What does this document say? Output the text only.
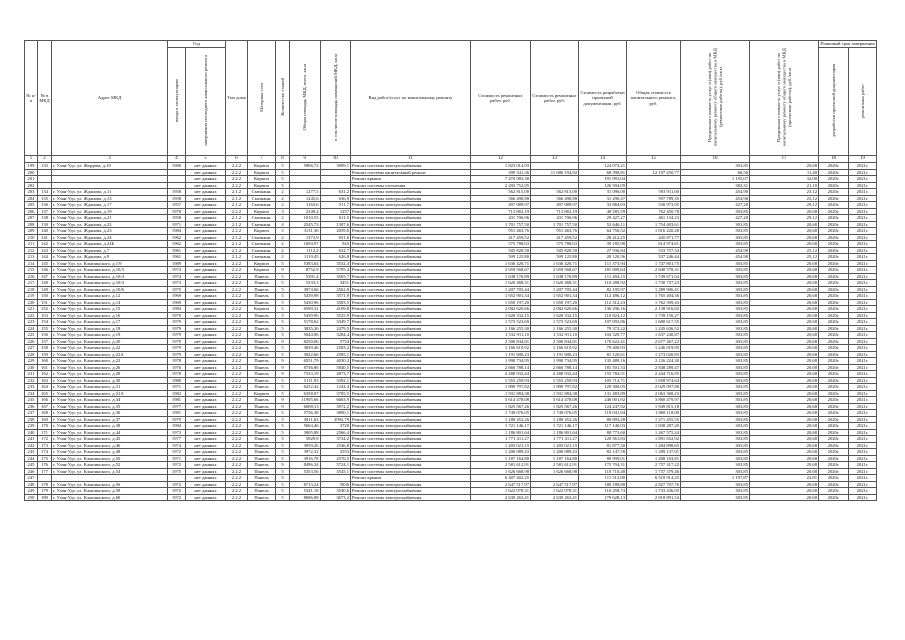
№ п/п	№ в МКД	Адрес МКД	Год		Тип дома	Материал стен	Количество этажей	Общая площадь МКД, всего, кв.м	в том числе площадь помещений МКД, кв.м	Вид работ/услуг по капитальному ремонту	Стоимость ремонтных работ, руб.	Стоимость ремонтных работ, руб.	Стоимость разработки проектной документации, руб.	Общая стоимость капитального ремонта, руб.	Предельная стоимость услуг и (или) работ по капитальному ремонту общего имущества в МКД (ремонтные работы), руб./кв.м	Предельная стоимость услуг и (или) работ по капитальному ремонту общего имущества в МКД (проектные работы), руб./кв.м	Плановый срок завершения	
			ввода в эксплуатацию	завершения последнего капитального ремонта													разработки проектной документации	ремонтных работ
1	2	3	4	5	6	7	8	9	10	11	12	13	14	15	16	17	18	19
199	133	г. Улан-Удэ, ул. Жердева, д.10	1980	нет данных	2.2.2	Кирпич	5	5966,72	3909,1	Ремонт системы электроснабжения	1 823 014,93		124 074,21		303,85	20,68	2020г.	2021г.
200				нет данных	2.2.2	Кирпич	5			Ремонт системы капитальный ремонт	399 341,36	11 686 194,92	68 398,81	12 197 250,77	66,56	11,40	2020г.	2021г.
201				нет данных	2.2.2	Кирпич	5			Ремонт крыши	7 470 083,38		191 991,04		1 195,07	32,00	2020г.	2021г.
202				нет данных	2.2.2	Кирпич	5			Ремонт системы отопления	2 293 752,95		126 594,09		382,31	21,10	2020г.	2021г.
203	134	г. Улан-Удэ, ул. Жданова, д.11	1958	нет данных	2.1.2	Смешанн.	2	1277,5	631,2	Ремонт системы электроснабжения	562 815,00	562 815,00	31 096,00	593 911,00	454,90	25,12	2020г.	2021г.
204	135	г. Улан-Удэ, ул. Жданова, д.13	1958	нет данных	2.1.2	Смешанн.	2	1245,6	636,9	Ремонт системы электроснабжения	566 498,88	566 498,88	31 290,47	597 789,35	454,90	25,12	2020г.	2021г.
205	136	г. Улан-Удэ, ул. Жданова, д.17	1957	нет данных	2.1.2	Смешанн.	2	1163,6	511,7	Ремонт системы электроснабжения	497 089,97	497 089,97	33 884,03	530 973,95	427,20	29,12	2020г.	2021г.
206	137	г. Улан-Удэ, ул. Жданова, д.19	1978	нет данных	2.2.2	Кирпич	3	2349,4	1257	Ремонт системы электроснабжения	713 865,19	713 865,19	48 585,59	762 450,78	303,85	20,68	2020г.	2021г.
207	138	г. Улан-Удэ, ул. Жданова, д.21	1958	нет данных	2.1.2	Смешанн.	2	1010,55	611,5	Ремонт системы электроснабжения	431 706,96	431 706,96	29 427,27	461 134,23	427,20	29,12	2020г.	2021г.
208	139	г. Улан-Удэ, ул. Жданова, д.22	1971	нет данных	2.1.2	Смешанн.	4	2545,73	1307,6	Ремонт системы электроснабжения	1 701 757,50	1 701 757,50	52 646,11	1 754 403,61	303,85	20,68	2020г.	2021г.
209	140	г. Улан-Удэ, ул. Жданова, д.23	1984	нет данных	2.2.2	Кирпич	5	3131,36	2059,6	Ремонт системы электроснабжения	951 463,76	951 463,76	64 756,52	1 016 220,28	303,85	20,68	2020г.	2021г.
210	141	г. Улан-Удэ, ул. Жданова, д.24	1962	нет данных	2.1.2	Смешанн.	2	1373,9	651,6	Ремонт системы электроснабжения	417 459,52	417 459,52	28 412,25	445 871,77	303,85	20,68	2020г.	2021г.
211	142	г. Улан-Удэ, ул. Жданова, д.24Б	1962	нет данных	2.1.2	Смешанн.	2	1694,97	943	Ремонт системы электроснабжения	575 788,63	575 788,63	39 185,98	614 974,61	303,85	20,68	2020г.	2021г.
212	143	г. Улан-Удэ, ул. Жданова, д.7	1961	нет данных	2.1.2	Смешанн.	2	1112,2	632,7	Ремонт системы электроснабжения	505 820,50	505 820,50	27 936,84	533 757,34	454,90	25,12	2020г.	2021г.
213	144	г. Улан-Удэ, ул. Жданова, д.9	1961	нет данных	2.1.2	Смешанн.	2	1119,45	626,8	Ремонт системы электроснабжения	509 125,80	509 125,80	28 120,36	537 246,44	454,90	25,12	2020г.	2021г.
214	145	г. Улан-Удэ, ул. Клыпинского, д.1/9	1989	нет данных	2.2.2	Кирпич	5	5383,64	3532,4	Ремонт системы электроснабжения	1 636 426,71	1 636 426,71	111 373,94	1 747 801,75	303,85	20,68	2020г.	2021г.
215	146	г. Улан-Удэ, ул. Клыпинского, д.10/3	1974	нет данных	2.2.2	Кирпич	9	8752,9	5795,4	Ремонт системы электроснабжения	2 659 568,67	2 659 568,67	181 009,64	2 840 578,31	303,85	20,68	2020г.	2021г.
216	147	г. Улан-Удэ, ул. Клыпинского, д.10/4	1974	нет данных	2.2.2	Панель	5	5391,4	3565,7	Ремонт системы электроснабжения	1 638 176,89	1 638 176,89	111 494,15	1 749 671,04	303,85	20,68	2020г.	2021г.
217	148	г. Улан-Удэ, ул. Клыпинского, д.10/4	1973	нет данных	2.2.2	Панель	5	5333,3	3451	Ремонт системы электроснабжения	1 620 468,31	1 620 468,31	110 288,92	1 730 757,23	303,85	20,68	2020г.	2021г.
218	149	г. Улан-Удэ, ул. Клыпинского, д.10/6	1975	нет данных	2.2.2	Панель	5	3974,66	2562,8	Ремонт системы электроснабжения	1 207 705,44	1 207 705,44	82 195,97	1 289 906,41	303,85	20,68	2020г.	2021г.
219	150	г. Улан-Удэ, ул. Клыпинского, д.12	1969	нет данных	2.2.2	Панель	5	5439,98	3571,9	Ремонт системы электроснабжения	1 652 901,34	1 652 901,34	112 496,12	1 765 404,36	303,85	20,68	2020г.	2021г.
220	151	г. Улан-Удэ, ул. Клыпинского, д.14	1969	нет данных	2.2.2	Панель	5	5430,96	3583,5	Ремонт системы электроснабжения	1 650 197,20	1 650 197,20	112 312,23	1 762 509,43	303,85	20,68	2020г.	2021г.
221	152	г. Улан-Удэ, ул. Клыпинского, д.15	1984	нет данных	2.2.2	Кирпич	5	6590,32	4109,8	Ремонт системы электроснабжения	2 002 620,66	2 002 620,66	136 296,16	2 138 916,82	303,85	20,68	2020г.	2021г.
222	153	г. Улан-Удэ, ул. Клыпинского, д.16	1970	нет данных	2.2.2	Панель	5	5439,96	3525,9	Ремонт системы электроснабжения	1 628 332,15	1 628 332,15	110 824,12	1 739 156,27	303,85	20,68	2020г.	2021г.
223	154	г. Улан-Удэ, ул. Клыпинского, д.17	1979	нет данных	2.2.2	Панель	5	5178,62	3349,7	Ремонт системы электроснабжения	1 573 523,69	1 573 523,69	107 093,86	1 680 617,55	303,85	20,68	2020г.	2021г.
224	155	г. Улан-Удэ, ул. Клыпинского, д.18	1979	нет данных	2.2.2	Панель	5	3835,26	2479,5	Ремонт системы электроснабжения	1 166 255,30	1 166 255,30	79 372,22	1 245 636,52	303,85	20,68	2020г.	2021г.
225	156	г. Улан-Удэ, ул. Клыпинского, д.19	1979	нет данных	2.2.2	Панель	5	5044,96	3284,4	Ремонт системы электроснабжения	1 532 911,10	1 532 911,10	104 329,77	1 637 240,87	303,85	20,68	2020г.	2021г.
226	157	г. Улан-Удэ, ул. Клыпинского, д.20	1979	нет данных	2.2.2	Панель	9	8250,06	5754	Ремонт системы электроснабжения	2 506 844,81	2 506 844,81	170 622,41	2 677 467,22	303,85	20,68	2020г.	2021г.
227	158	г. Улан-Удэ, ул. Клыпинского, д.22	1979	нет данных	2.2.2	Панель	5	3839,46	2583,2	Ремонт системы электроснабжения	1 166 619,92	1 166 619,92	79 400,03	1 246 019,95	303,85	20,68	2020г.	2021г.
228	159	г. Улан-Удэ, ул. Клыпинского, д.22А	1979	нет данных	2.2.2	Панель	5	3922,66	2585,1	Ремонт системы электроснабжения	1 191 900,23	1 191 900,23	81 120,61	1 273 020,83	303,85	20,68	2020г.	2021г.
229	160	г. Улан-Удэ, ул. Клыпинского, д.23	1978	нет данных	2.2.2	Панель	9	6551,79	4030,3	Ремонт системы электроснабжения	1 990 734,95	1 990 734,95	135 489,16	2 126 224,30	303,85	20,68	2020г.	2021г.
230	161	г. Улан-Удэ, ул. Клыпинского, д.26	1976	нет данных	2.2.2	Панель	9	8736,86	5840,5	Ремонт системы электроснабжения	2 666 788,14	2 666 788,14	181 501,33	2 848 289,47	303,85	20,68	2020г.	2021г.
231	162	г. Улан-Удэ, ул. Клыпинского, д.28	1978	нет данных	2.2.2	Панель	9	7533,19	4873,7	Ремонт системы электроснабжения	2 288 932,44	2 288 932,44	155 784,51	2 444 716,95	303,85	20,68	2020г.	2021г.
232	163	г. Улан-Удэ, ул. Клыпинского, д.30	1980	нет данных	2.2.2	Панель	5	5111,93	3392,1	Ремонт системы электроснабжения	1 553 259,93	1 553 259,93	105 714,71	1 658 974,64	303,85	20,68	2020г.	2021г.
233	164	г. Улан-Удэ, ул. Клыпинского, д.31	1971	нет данных	2.2.2	Панель	5	6252,42	1244,4	Ремонт системы электроснабжения	1 899 797,82	1 899 797,82	129 300,05	2 029 097,86	303,85	20,68	2020г.	2021г.
234	165	г. Улан-Удэ, ул. Клыпинского, д.31А	1982	нет данных	2.2.2	Кирпич	5	6358,07	3705,5	Ремонт системы электроснабжения	1 931 884,38	1 931 884,38	131 483,89	2 063 368,23	303,85	20,68	2020г.	2021г.
235	166	г. Улан-Удэ, ул. Клыпинского, д.34	1981	нет данных	2.2.2	Панель	9	11995,66	6663,9	Ремонт системы электроснабжения	3 614 478,08	3 614 478,08	246 001,92	3 860 479,97	303,85	20,68	2020г.	2021г.
236	167	г. Улан-Удэ, ул. Клыпинского, д.35	1977	нет данных	2.2.2	Панель	9	6008,13	3972,2	Ремонт системы электроснабжения	1 825 567,26	1 825 567,26	124 247,92	1 949 815,18	303,85	20,68	2020г.	2021г.
237	168	г. Улан-Удэ, ул. Клыпинского, д.36	1981	нет данных	2.2.2	Панель	5	5756,38	3800,1	Ремонт системы электроснабжения	1 749 076,05	1 749 076,05	119 041,94	1 868 118,00	303,85	20,68	2020г.	2021г.
238	169	г. Улан-Удэ, ул. Клыпинского, д.37	1979	нет данных	2.2.2	Панель	5	3911,63	2992,79	Ремонт системы электроснабжения	1 188 452,26	1 188 452,26	80 893,28	1 271 455,55	303,85	20,68	2020г.	2021г.
239	170	г. Улан-Удэ, ул. Клыпинского, д.38	1984	нет данных	2.2.2	Панель	5	5664,46	3720	Ремонт системы электроснабжения	1 721 146,17	1 721 146,17	117 140,03	1 838 287,20	303,85	20,68	2020г.	2021г.
240	171	г. Улан-Удэ, ул. Клыпинского, д.44	1973	нет данных	2.2.2	Панель	5	3905,88	2366,4	Ремонт системы электроснабжения	1 186 801,64	1 186 801,64	80 773,60	1 267 575,24	303,85	20,68	2020г.	2021г.
241	172	г. Улан-Удэ, ул. Клыпинского, д.45	1977	нет данных	2.2.2	Панель	5	5829,9	3734,2	Ремонт системы электроснабжения	1 771 411,27	1 771 411,27	120 561,83	1 891 652,92	303,85	20,68	2020г.	2021г.
242	173	г. Улан-Удэ, ул. Клыпинского, д.46	1974	нет данных	2.2.2	Панель	5	3959,26	2546,8	Ремонт системы электроснабжения	1 203 021,15	1 203 021,15	81 877,50	1 284 898,65	303,85	20,68	2020г.	2021г.
243	174	г. Улан-Удэ, ул. Клыпинского, д.48	1972	нет данных	2.2.2	Панель	5	3972,32	2553	Ремонт системы электроснабжения	1 206 989,43	1 206 989,43	82 147,58	1 289 137,01	303,85	20,68	2020г.	2021г.
244	175	г. Улан-Удэ, ул. Клыпинского, д.50	1971	нет данных	2.2.2	Панель	5	3916,78	2576,5	Ремонт системы электроснабжения	1 187 164,80	1 187 164,80	80 999,01	1 268 163,81	303,85	20,68	2020г.	2021г.
245	176	г. Улан-Удэ, ул. Клыпинского, д.52	1972	нет данных	2.2.2	Панель	9	8496,34	5724,1	Ремонт системы электроснабжения	2 581 612,91	2 581 612,91	175 704,31	2 757 317,22	303,85	20,68	2020г.	2021г.
246	177	г. Улан-Удэ, ул. Клыпинского, д.54	1975	нет данных	2.2.2	Панель	5	5353,56	3545,1	Ремонт системы электроснабжения	1 626 668,98	1 626 668,98	110 710,48	1 737 379,46	303,85	20,68	2020г.	2021г.
247				нет данных	2.2.2	Панель	5			Ремонт крыши	6 407 402,25		111 512,00	6 518 914,25	1 197,87	22,81	2020г.	2021г.
248	178	г. Улан-Удэ, ул. Клыпинского, д.56	1972	нет данных	2.2.2	Панель	5	8713,24	5830	Ремонт системы электроснабжения	2 647 517,97	2 647 517,97	180 189,80	2 827 707,76	303,85	20,68	2020г.	2021г.
249	179	г. Улан-Удэ, ул. Клыпинского, д.58	1972	нет данных	2.2.2	Панель	5	5341,18	3540,6	Ремонт системы электроснабжения	1 622 978,31	1 622 978,31	110 458,74	1 733 436,05	303,85	20,68	2020г.	2021г.
250	180	г. Улан-Удэ, ул. Клыпинского, д.60	1972	нет данных	2.2.2	Панель	5	8686,08	3673,2	Ремонт системы электроснабжения	2 639 263,41	2 639 263,41	179 628,13	2 818 891,54	303,85	20,68	2020г.	2021г.
